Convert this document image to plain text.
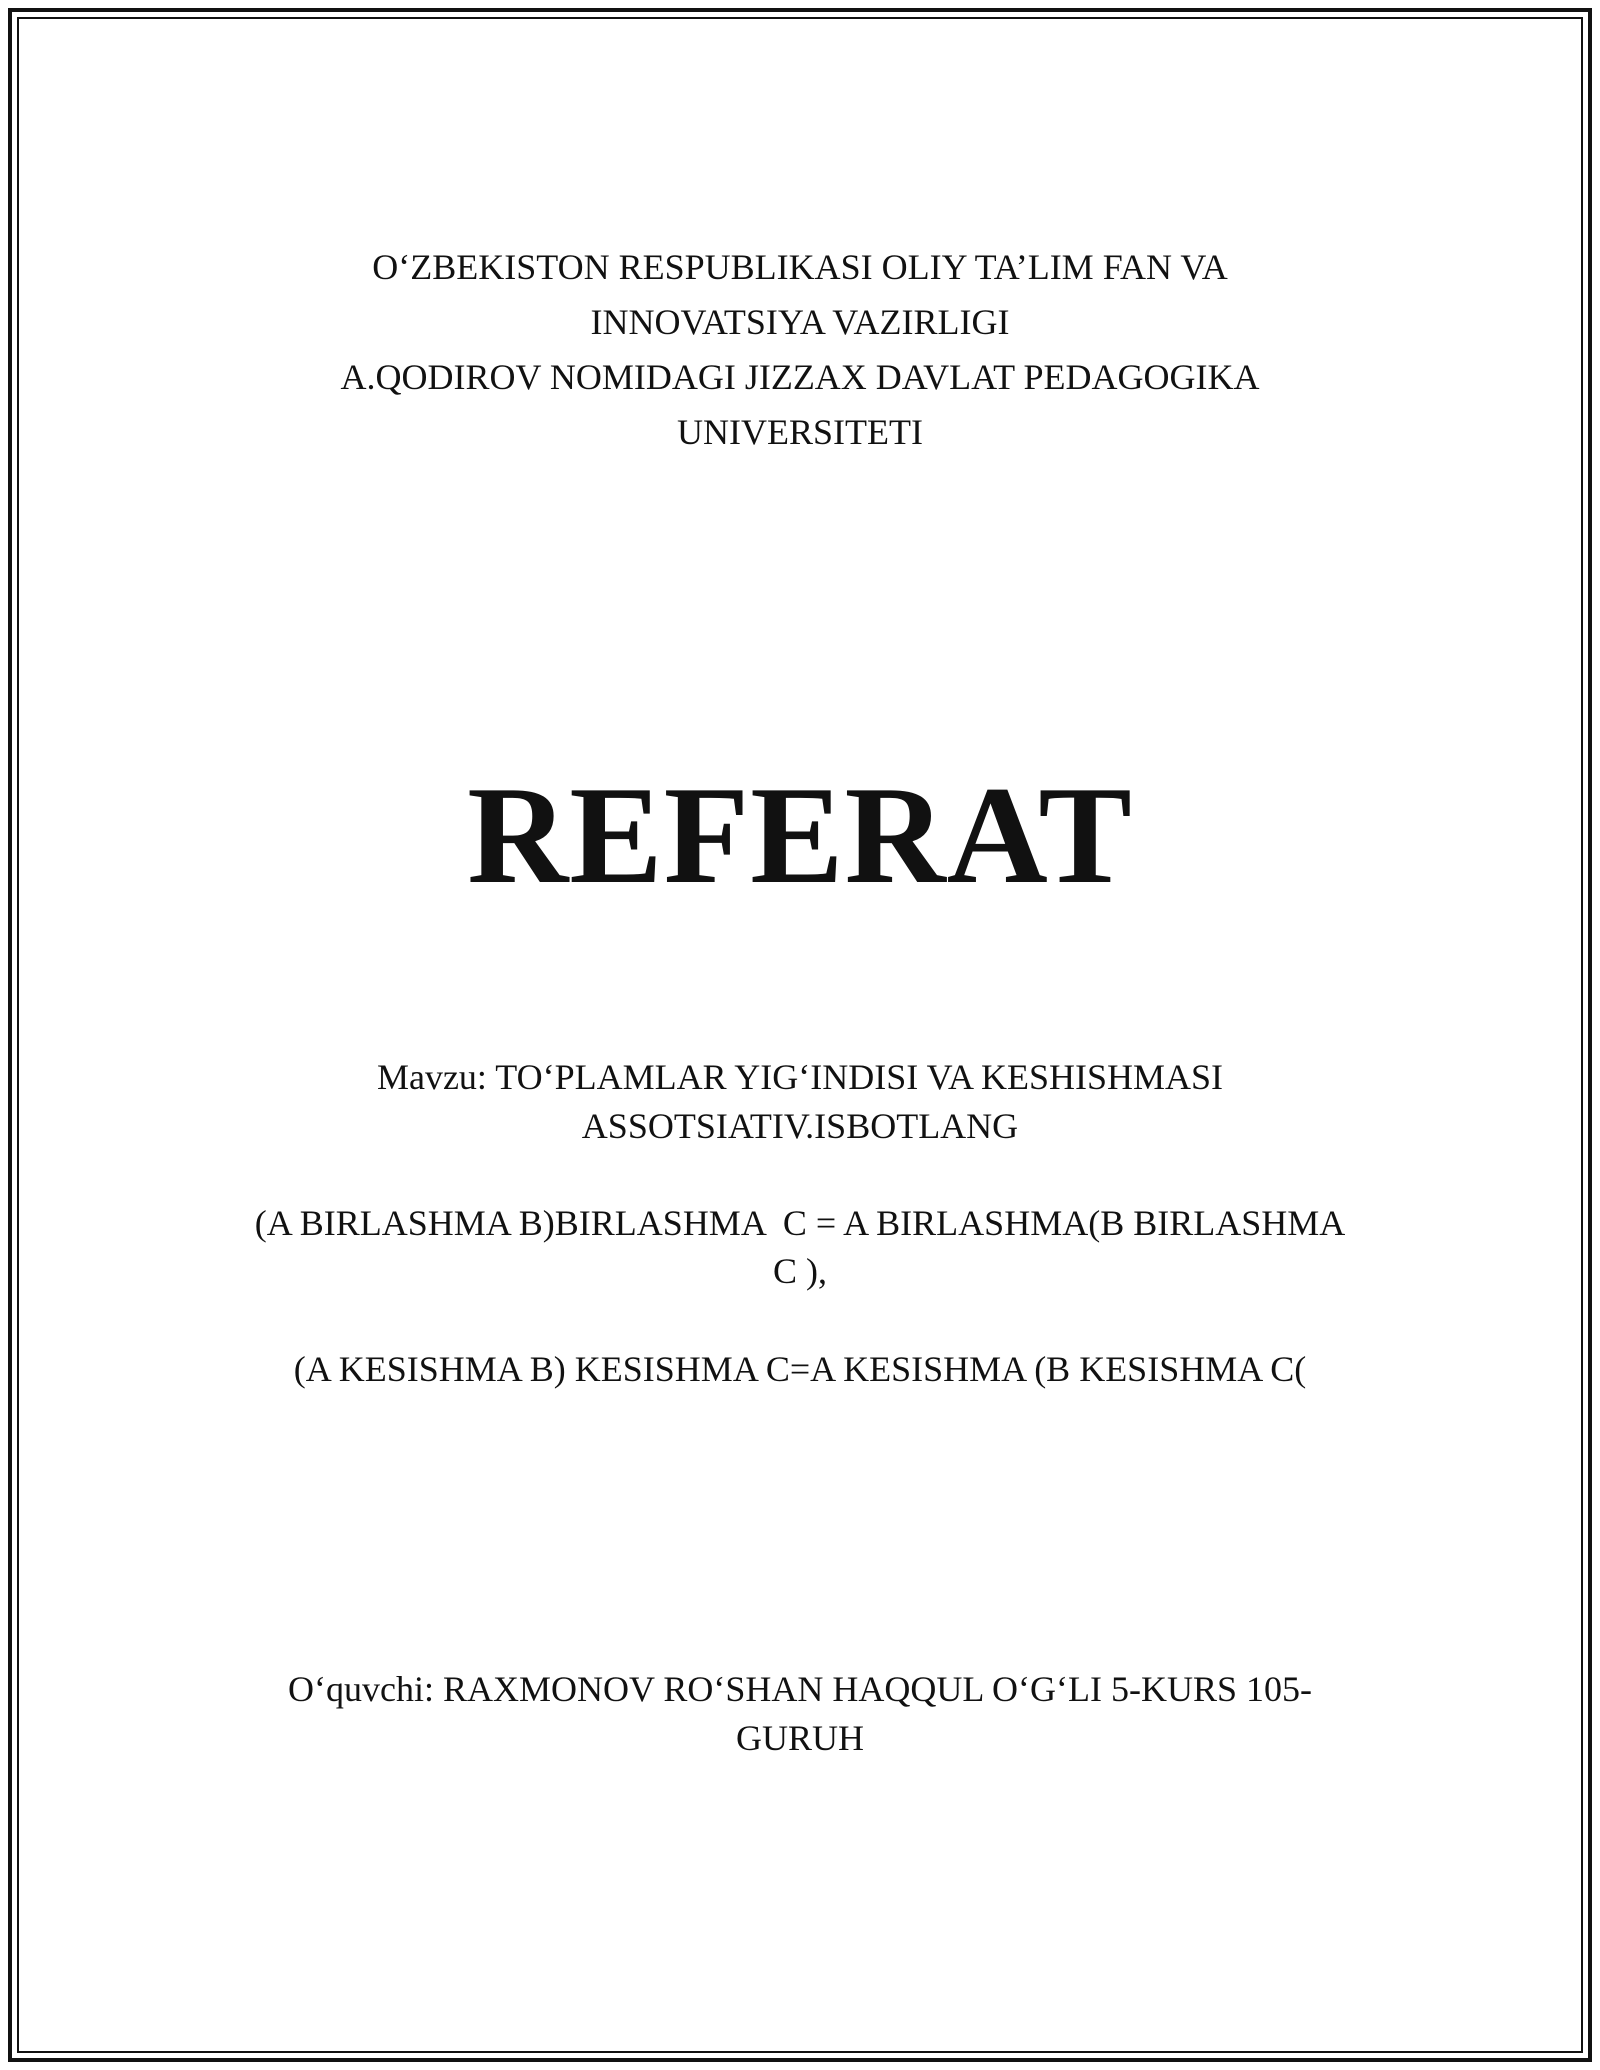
O‘ZBEKISTON RESPUBLIKASI OLIY TA’LIM FAN VA

INNOVATSIYA VAZIRLIGI

A.QODIROV NOMIDAGI JIZZAX DAVLAT PEDAGOGIKA

UNIVERSITETI

REFERAT

Mavzu: TO‘PLAMLAR YIG‘INDISI VA KESHISHMASI

ASSOTSIATIV.ISBOTLANG

(A BIRLASHMA B)BIRLASHMA  C = A BIRLASHMA(B BIRLASHMA

C ),

(A KESISHMA B) KESISHMA C=A KESISHMA (B KESISHMA C(

O‘quvchi: RAXMONOV RO‘SHAN HAQQUL O‘G‘LI 5-KURS 105-

GURUH
